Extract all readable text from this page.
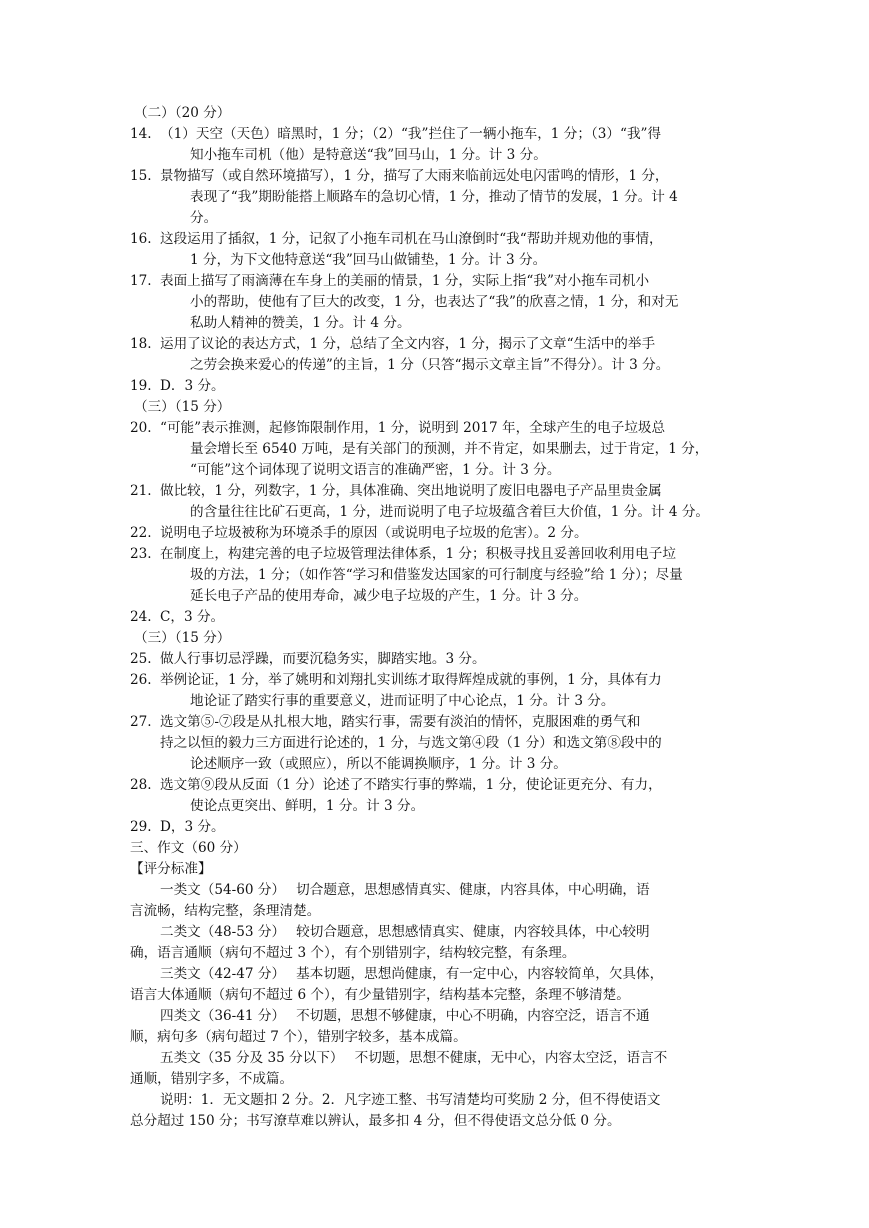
（二）（20 分）
14. （1）天空（天色）暗黑时，1 分；（2）“我”拦住了一辆小拖车，1 分；（3）“我”得
知小拖车司机（他）是特意送“我”回马山，1 分。计 3 分。
15. 景物描写（或自然环境描写），1 分，描写了大雨来临前远处电闪雷鸣的情形，1 分，
表现了“我”期盼能搭上顺路车的急切心情，1 分，推动了情节的发展，1 分。计 4
分。
16. 这段运用了插叙，1 分，记叙了小拖车司机在马山潦倒时“我“帮助并规劝他的事情，
1 分，为下文他特意送“我”回马山做铺垫，1 分。计 3 分。
17. 表面上描写了雨滴薄在车身上的美丽的情景，1 分，实际上指“我”对小拖车司机小
小的帮助，使他有了巨大的改变，1 分，也表达了“我”的欣喜之情，1 分，和对无
私助人精神的赞美，1 分。计 4 分。
18. 运用了议论的表达方式，1 分，总结了全文内容，1 分，揭示了文章“生活中的举手
之劳会换来爱心的传递”的主旨，1 分（只答“揭示文章主旨”不得分）。计 3 分。
19. D．3 分。
（三）（15 分）
20. “可能”表示推测，起修饰限制作用，1 分，说明到 2017 年，全球产生的电子垃圾总
量会增长至 6540 万吨，是有关部门的预测，并不肯定，如果删去，过于肯定，1 分，
“可能”这个词体现了说明文语言的准确严密，1 分。计 3 分。
21. 做比较，1 分，列数字，1 分，具体准确、突出地说明了废旧电器电子产品里贵金属
的含量往往比矿石更高，1 分，进而说明了电子垃圾蕴含着巨大价值，1 分。计 4 分。
22. 说明电子垃圾被称为环境杀手的原因（或说明电子垃圾的危害）。2 分。
23. 在制度上，构建完善的电子垃圾管理法律体系，1 分；积极寻找且妥善回收利用电子垃
圾的方法，1 分；（如作答“学习和借鉴发达国家的可行制度与经验”给 1 分）；尽量
延长电子产品的使用寿命，减少电子垃圾的产生，1 分。计 3 分。
24. C，3 分。
（三）（15 分）
25. 做人行事切忌浮躁，而要沉稳务实，脚踏实地。3 分。
26. 举例论证，1 分，举了姚明和刘翔扎实训练才取得辉煌成就的事例，1 分，具体有力
地论证了踏实行事的重要意义，进而证明了中心论点，1 分。计 3 分。
27. 选文第⑤-⑦段是从扎根大地，踏实行事，需要有淡泊的情怀，克服困难的勇气和
持之以恒的毅力三方面进行论述的，1 分，与选文第④段（1 分）和选文第⑧段中的
论述顺序一致（或照应），所以不能调换顺序，1 分。计 3 分。
28. 选文第⑨段从反面（1 分）论述了不踏实行事的弊端，1 分，使论证更充分、有力，
使论点更突出、鲜明，1 分。计 3 分。
29. D，3 分。
三、作文（60 分）
【评分标准】
一类文（54-60 分）　 切合题意，思想感情真实、健康，内容具体，中心明确，语
言流畅，结构完整，条理清楚。
二类文（48-53 分）　 较切合题意，思想感情真实、健康，内容较具体，中心较明
确，语言通顺（病句不超过 3 个），有个别错别字，结构较完整，有条理。
三类文（42-47 分）　 基本切题，思想尚健康，有一定中心，内容较简单，欠具体，
语言大体通顺（病句不超过 6 个），有少量错别字，结构基本完整，条理不够清楚。
四类文（36-41 分）　 不切题，思想不够健康，中心不明确，内容空泛，语言不通
顺，病句多（病句超过 7 个），错别字较多，基本成篇。
五类文（35 分及 35 分以下）　 不切题，思想不健康，无中心，内容太空泛，语言不
通顺，错别字多，不成篇。
说明：1．无文题扣 2 分。2．凡字迹工整、书写清楚均可奖励 2 分，但不得使语文
总分超过 150 分；书写潦草难以辨认，最多扣 4 分，但不得使语文总分低 0 分。
